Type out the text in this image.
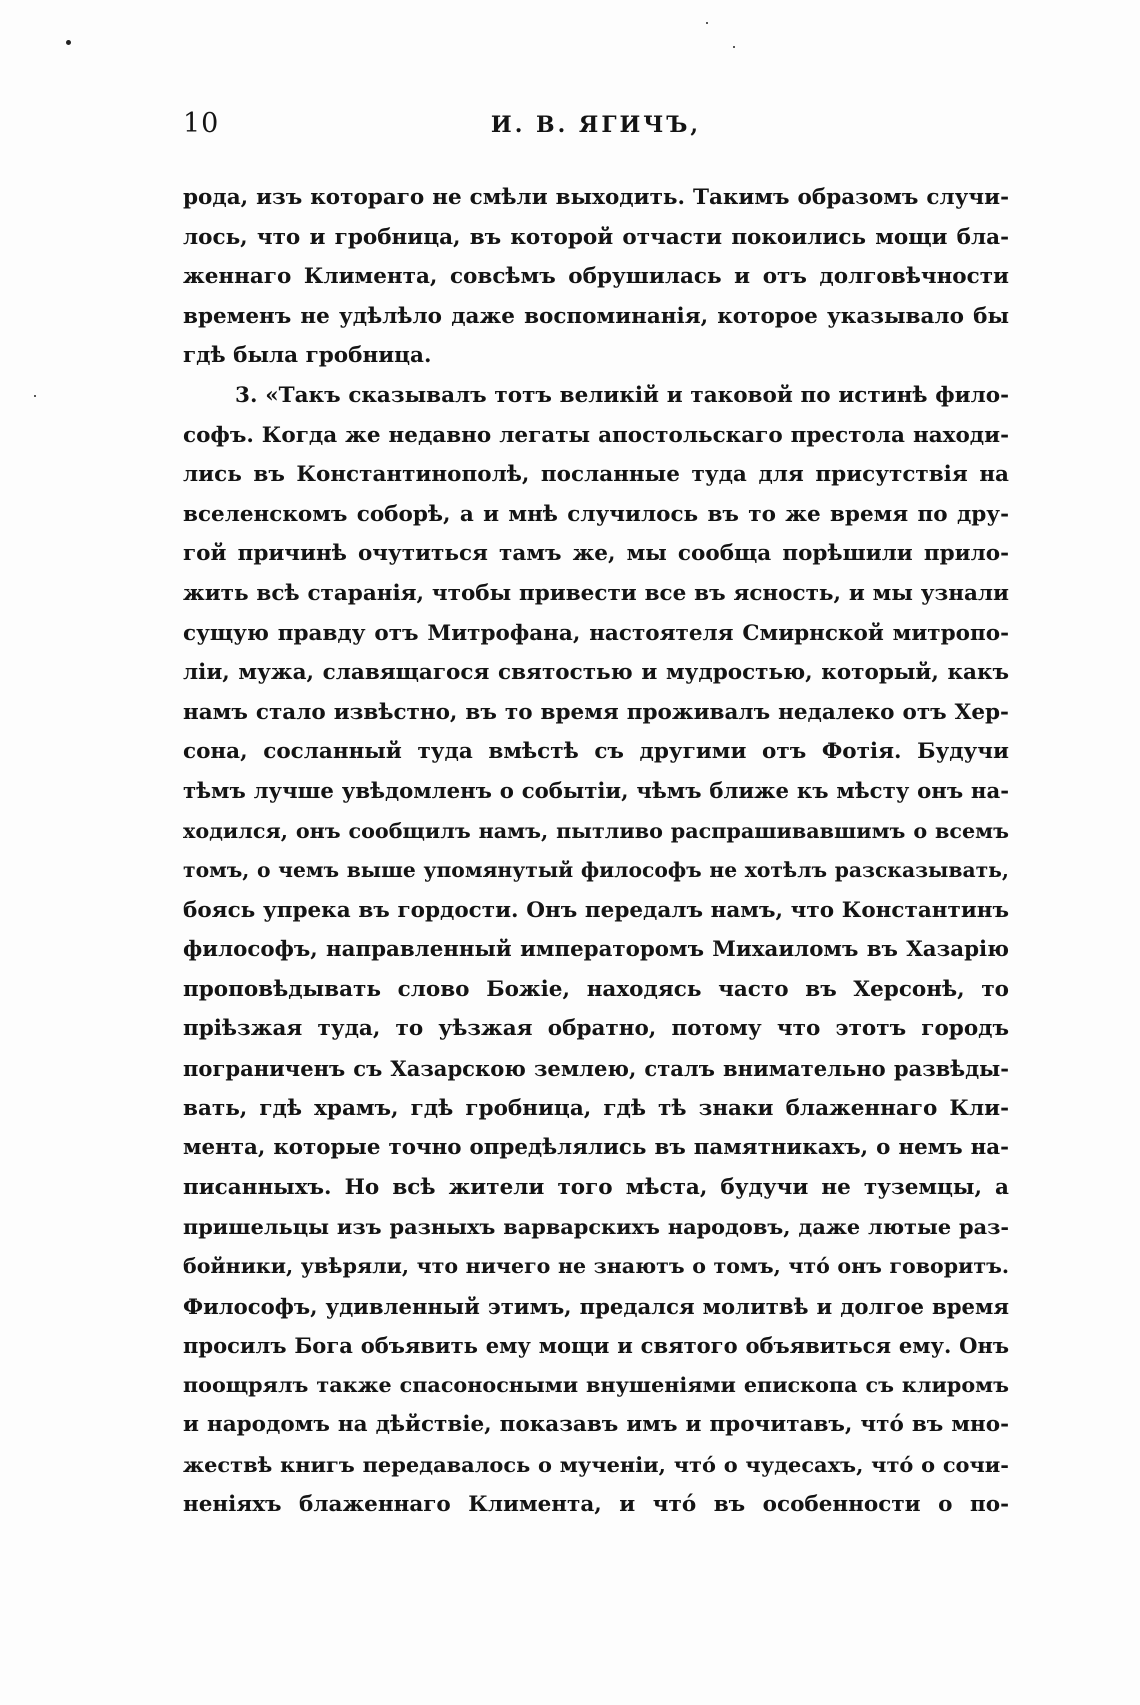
10	И. В. ЯГИЧЪ,
рода, изъ котораго не смѣли выходить. Такимъ образомъ случи-
лось, что и гробница, въ которой отчасти покоились мощи бла-
женнаго Климента, совсѣмъ обрушилась и отъ долговѣчности
временъ не удѣлѣло даже воспоминанія, которое указывало бы
гдѣ была гробница.
3. «Такъ сказывалъ тотъ великій и таковой по истинѣ фило-
софъ. Когда же недавно легаты апостольскаго престола находи-
лись въ Константинополѣ, посланные туда для присутствія на
вселенскомъ соборѣ, а и мнѣ случилось въ то же время по дру-
гой причинѣ очутиться тамъ же, мы сообща порѣшили прило-
жить всѣ старанія, чтобы привести все въ ясность, и мы узнали
сущую правду отъ Митрофана, настоятеля Смирнской митропо-
ліи, мужа, славящагося святостью и мудростью, который, какъ
намъ стало извѣстно, въ то время проживалъ недалеко отъ Хер-
сона, сосланный туда вмѣстѣ съ другими отъ Фотія. Будучи
тѣмъ лучше увѣдомленъ о событіи, чѣмъ ближе къ мѣсту онъ на-
ходился, онъ сообщилъ намъ, пытливо распрашивавшимъ о всемъ
томъ, о чемъ выше упомянутый философъ не хотѣлъ разсказывать,
боясь упрека въ гордости. Онъ передалъ намъ, что Константинъ
философъ, направленный императоромъ Михаиломъ въ Хазарію
проповѣдывать слово Божіе, находясь часто въ Херсонѣ, то
пріѣзжая туда, то уѣзжая обратно, потому что этотъ городъ
пограниченъ съ Хазарскою землею, сталъ внимательно развѣды-
вать, гдѣ храмъ, гдѣ гробница, гдѣ тѣ знаки блаженнаго Кли-
мента, которые точно опредѣлялись въ памятникахъ, о немъ на-
писанныхъ. Но всѣ жители того мѣста, будучи не туземцы, а
пришельцы изъ разныхъ варварскихъ народовъ, даже лютые раз-
бойники, увѣряли, что ничего не знаютъ о томъ, что́ онъ говоритъ.
Философъ, удивленный этимъ, предался молитвѣ и долгое время
просилъ Бога объявить ему мощи и святого объявиться ему. Онъ
поощрялъ также спасоносными внушеніями епископа съ клиромъ
и народомъ на дѣйствіе, показавъ имъ и прочитавъ, что́ въ мно-
жествѣ книгъ передавалось о мученіи, что́ о чудесахъ, что́ о сочи-
неніяхъ блаженнаго Климента, и что́ въ особенности о по-
